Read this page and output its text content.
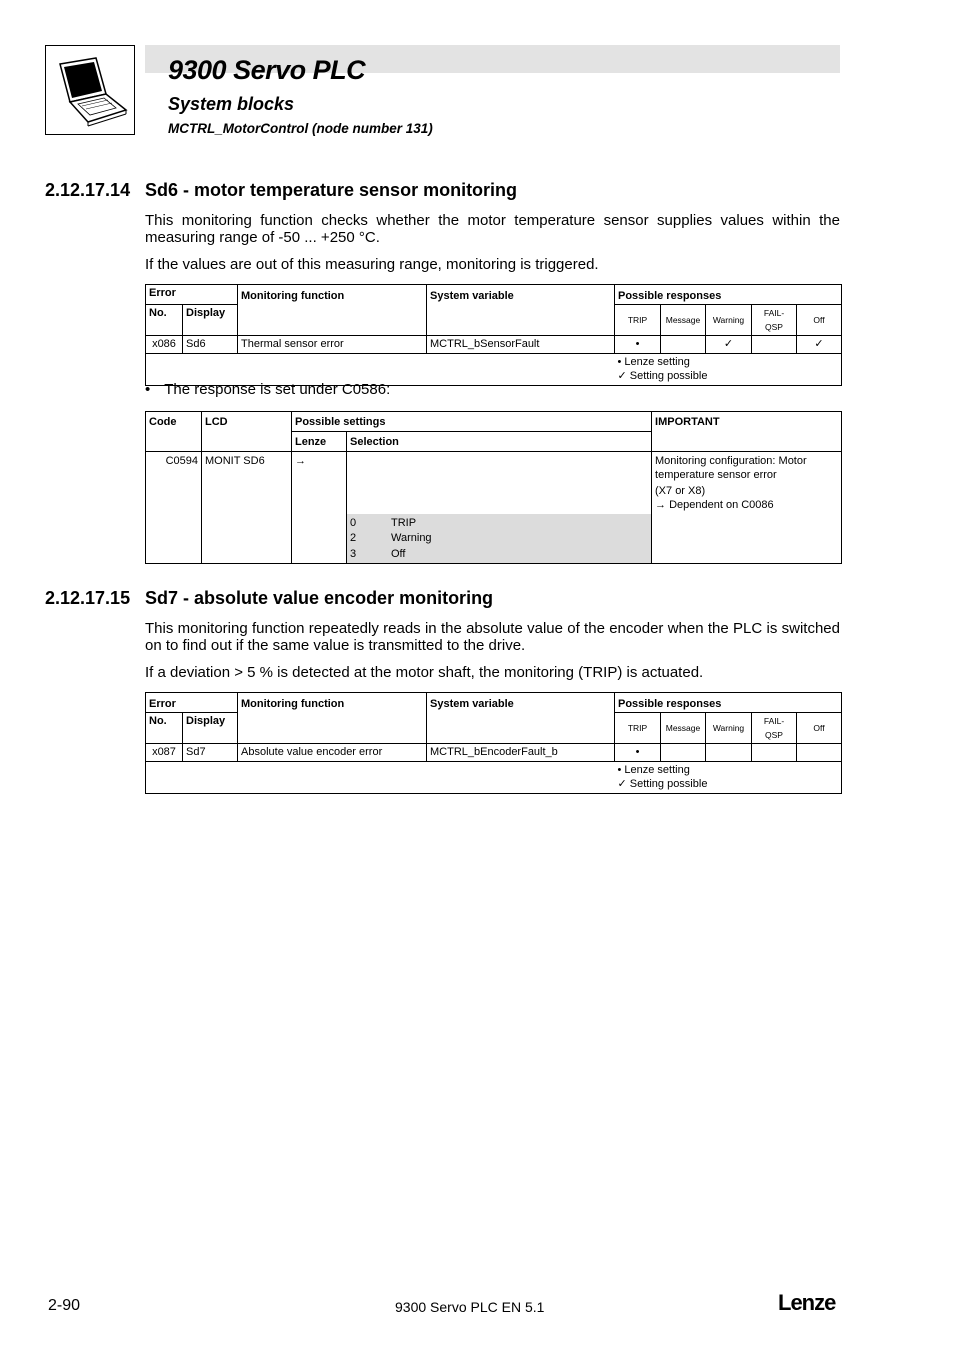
9300 Servo PLC
System blocks
MCTRL_MotorControl (node number 131)
2.12.17.14 Sd6 - motor temperature sensor monitoring
This monitoring function checks whether the motor temperature sensor supplies values within the measuring range of -50 ... +250 °C.
If the values are out of this measuring range, monitoring is triggered.
Error		Monitoring function	System variable	Possible responses				
No.	Display			TRIP	Message	Warning	FAIL-QSP	Off
x086	Sd6	Thermal sensor error	MCTRL_bSensorFault	•		✓		✓

				• Lenze setting
✓ Setting possible				
• The response is set under C0586:
Code	LCD	Possible settings		IMPORTANT
		Lenze	Selection	
C0594	MONIT SD6	→		Monitoring configuration: Motor temperature sensor error
(X7 or X8)
→ Dependent on C0086

			0 TRIP
2 Warning
3 Off	
2.12.17.15 Sd7 - absolute value encoder monitoring
This monitoring function repeatedly reads in the absolute value of the encoder when the PLC is switched on to find out if the same value is transmitted to the drive.
If a deviation > 5 % is detected at the motor shaft, the monitoring (TRIP) is actuated.
Error		Monitoring function	System variable	Possible responses				
No.	Display			TRIP	Message	Warning	FAIL-QSP	Off
x087	Sd7	Absolute value encoder error	MCTRL_bEncoderFault_b	•				

				• Lenze setting
✓ Setting possible				
2-90	9300 Servo PLC EN 5.1	Lenze
